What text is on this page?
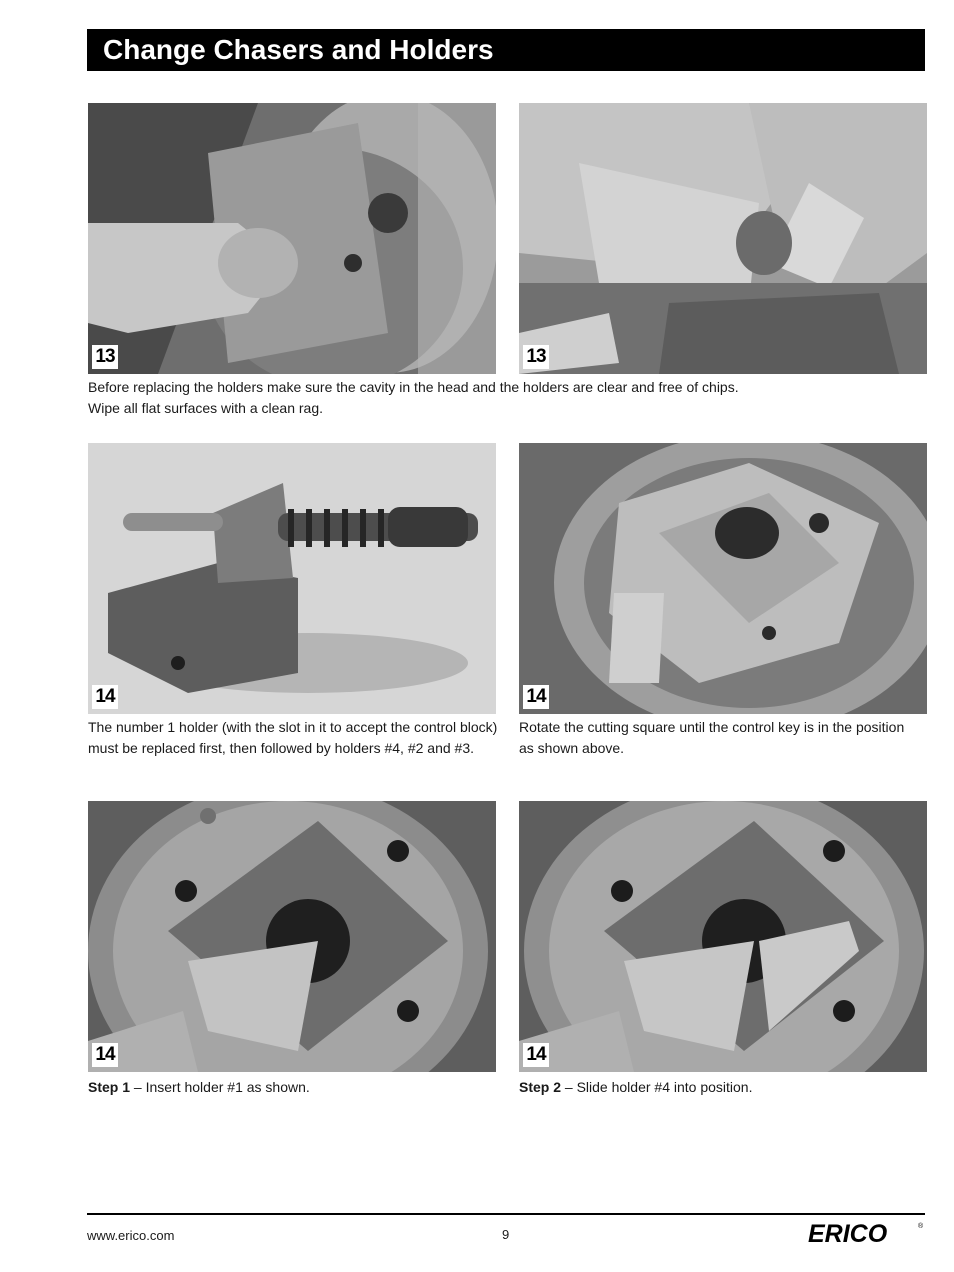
Change Chasers and Holders
13	13
Before replacing the holders make sure the cavity in the head and the holders are clear and free of chips.
Wipe all flat surfaces with a clean rag.
14	14
The number 1 holder (with the slot in it to accept the control block) must be replaced first, then followed by holders #4, #2 and #3.
Rotate the cutting square until the control key is in the position as shown above.
14	14
Step 1 – Insert holder #1 as shown.	Step 2 – Slide holder #4 into position.
www.erico.com	9	ERICO	®
